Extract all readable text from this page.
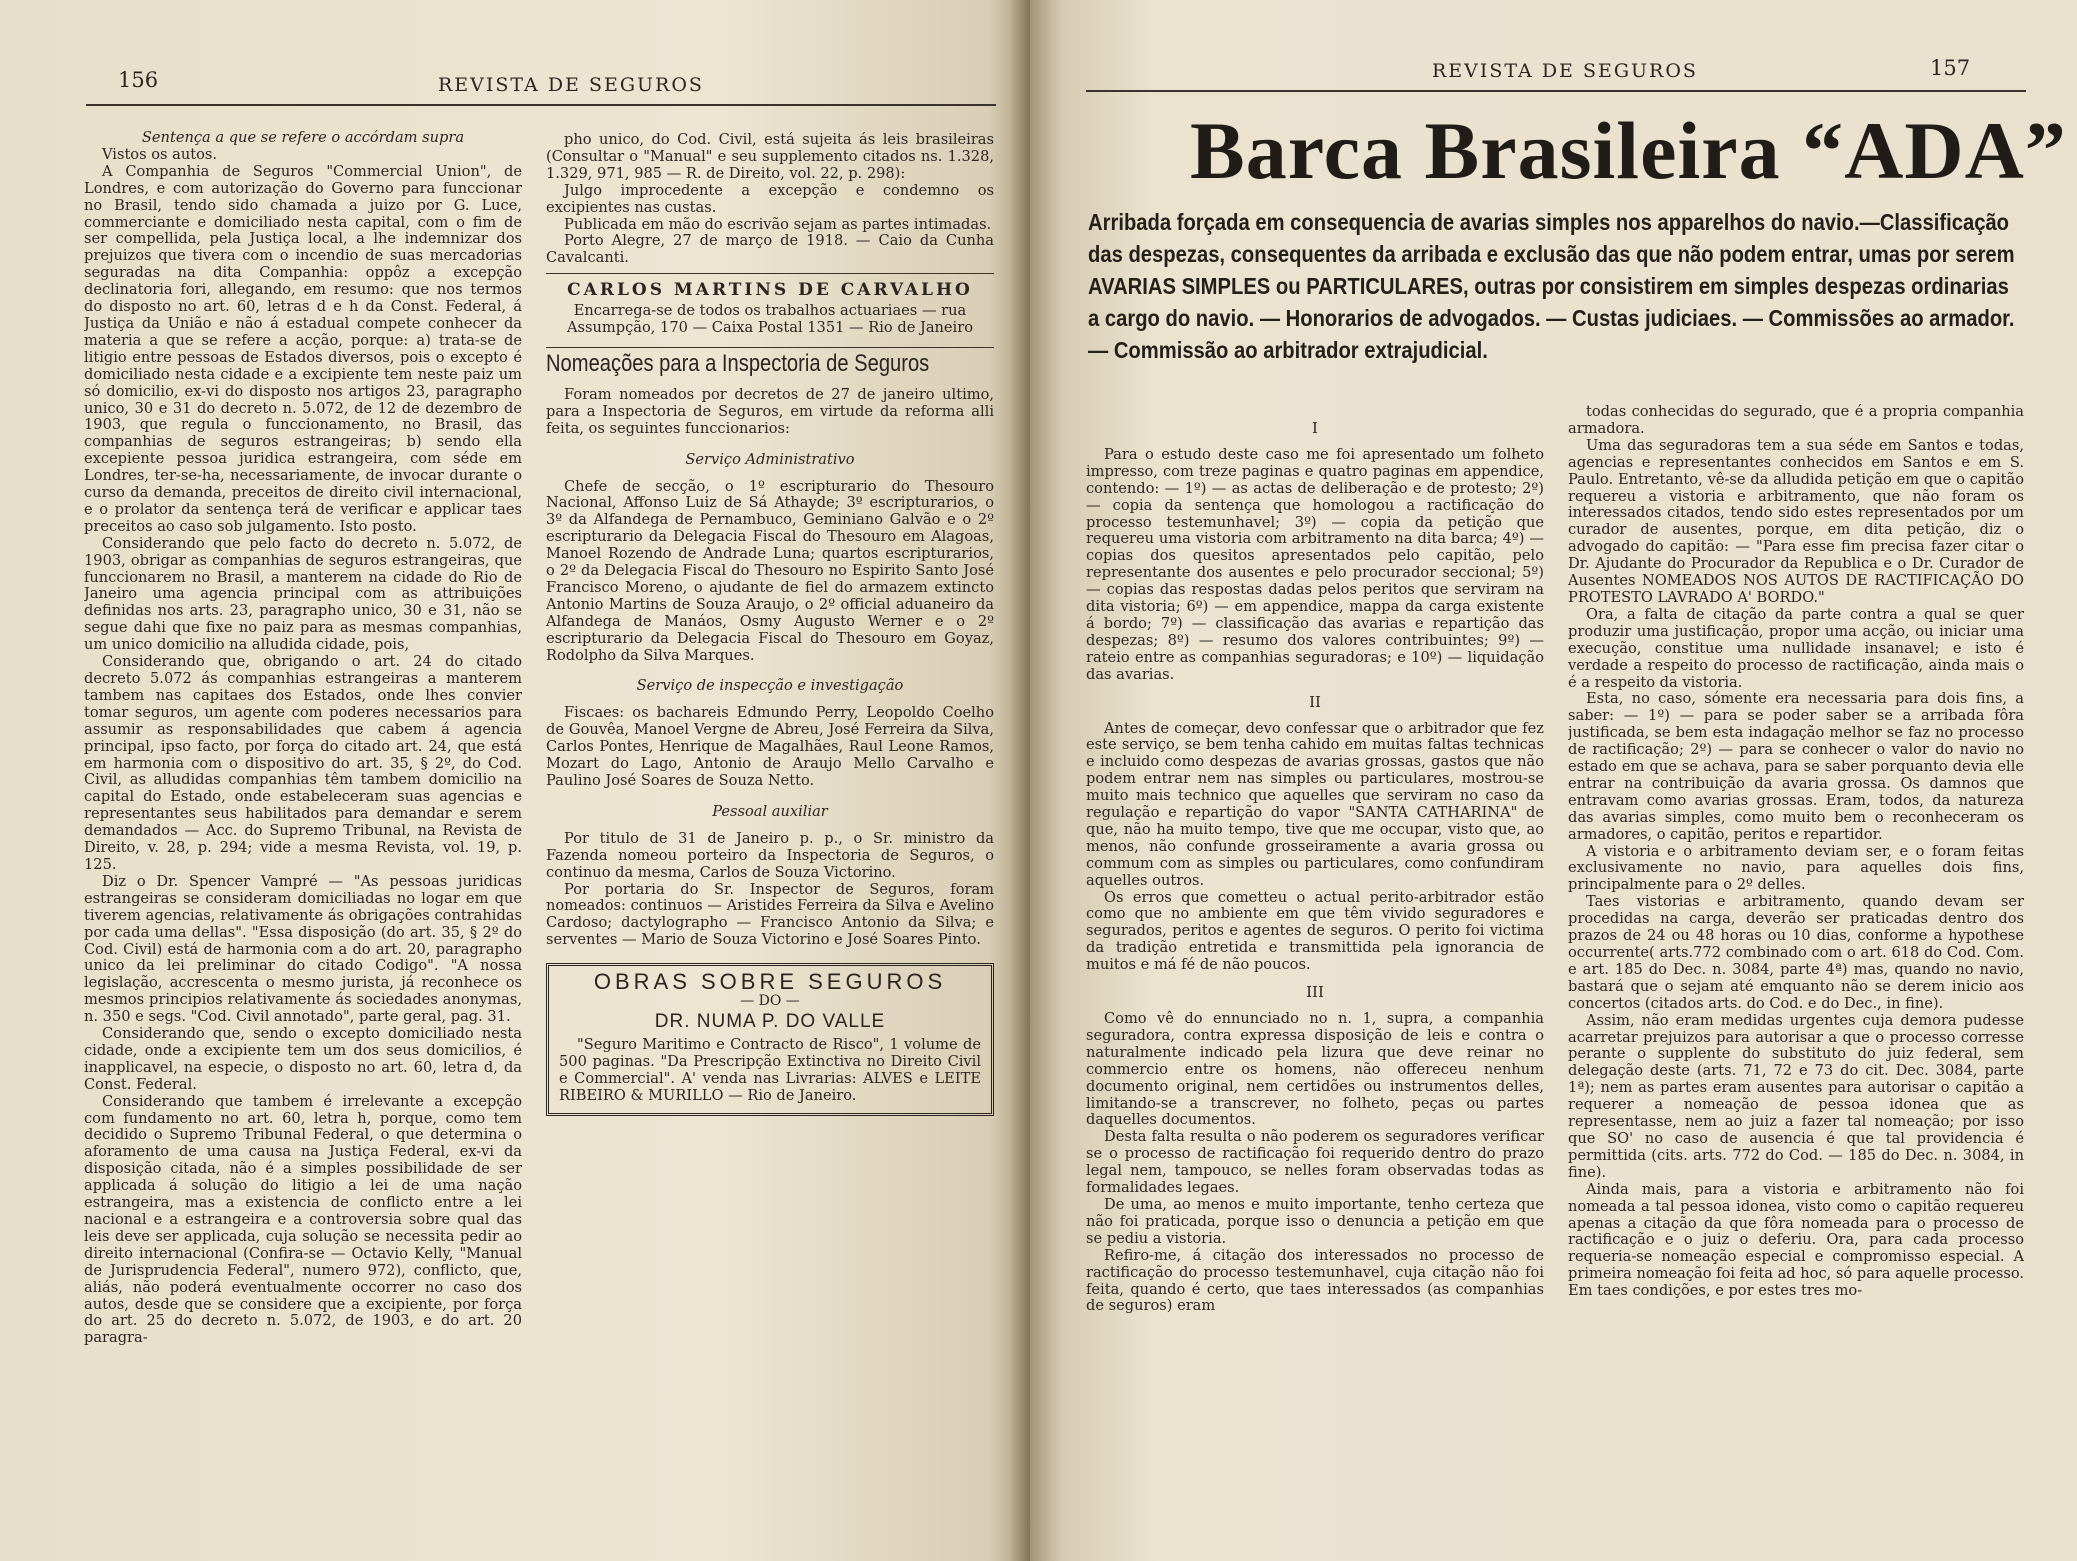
156	REVISTA DE SEGUROS

Sentença a que se refere o accórdam supra

Vistos os autos.

A Companhia de Seguros "Commercial Union", de Londres, e com autorização do Governo para funccionar no Brasil, tendo sido chamada a juizo por G. Luce, commerciante e domiciliado nesta capital, com o fim de ser compellida, pela Justiça local, a lhe indemnizar dos prejuizos que tivera com o incendio de suas mercadorias seguradas na dita Companhia: oppôz a excepção declinatoria fori, allegando, em resumo: que nos termos do disposto no art. 60, letras d e h da Const. Federal, á Justiça da União e não á estadual compete conhecer da materia a que se refere a acção, porque: a) trata-se de litigio entre pessoas de Estados diversos, pois o excepto é domiciliado nesta cidade e a excipiente tem neste paiz um só domicilio, ex-vi do disposto nos artigos 23, paragrapho unico, 30 e 31 do decreto n. 5.072, de 12 de dezembro de 1903, que regula o funccionamento, no Brasil, das companhias de seguros estrangeiras; b) sendo ella excepiente pessoa juridica estrangeira, com séde em Londres, ter-se-ha, necessariamente, de invocar durante o curso da demanda, preceitos de direito civil internacional, e o prolator da sentença terá de verificar e applicar taes preceitos ao caso sob julgamento. Isto posto.

Considerando que pelo facto do decreto n. 5.072, de 1903, obrigar as companhias de seguros estrangeiras, que funccionarem no Brasil, a manterem na cidade do Rio de Janeiro uma agencia principal com as attribuições definidas nos arts. 23, paragrapho unico, 30 e 31, não se segue dahi que fixe no paiz para as mesmas companhias, um unico domicilio na alludida cidade, pois,

Considerando que, obrigando o art. 24 do citado decreto 5.072 ás companhias estrangeiras a manterem tambem nas capitaes dos Estados, onde lhes convier tomar seguros, um agente com poderes necessarios para assumir as responsabilidades que cabem á agencia principal, ipso facto, por força do citado art. 24, que está em harmonia com o dispositivo do art. 35, § 2º, do Cod. Civil, as alludidas companhias têm tambem domicilio na capital do Estado, onde estabeleceram suas agencias e representantes seus habilitados para demandar e serem demandados — Acc. do Supremo Tribunal, na Revista de Direito, v. 28, p. 294; vide a mesma Revista, vol. 19, p. 125.

Diz o Dr. Spencer Vampré — "As pessoas juridicas estrangeiras se consideram domiciliadas no logar em que tiverem agencias, relativamente ás obrigações contrahidas por cada uma dellas". "Essa disposição (do art. 35, § 2º do Cod. Civil) está de harmonia com a do art. 20, paragrapho unico da lei preliminar do citado Codigo". "A nossa legislação, accrescenta o mesmo jurista, já reconhece os mesmos principios relativamente ás sociedades anonymas, n. 350 e segs. "Cod. Civil annotado", parte geral, pag. 31.

Considerando que, sendo o excepto domiciliado nesta cidade, onde a excipiente tem um dos seus domicilios, é inapplicavel, na especie, o disposto no art. 60, letra d, da Const. Federal.

Considerando que tambem é irrelevante a excepção com fundamento no art. 60, letra h, porque, como tem decidido o Supremo Tribunal Federal, o que determina o aforamento de uma causa na Justiça Federal, ex-vi da disposição citada, não é a simples possibilidade de ser applicada á solução do litigio a lei de uma nação estrangeira, mas a existencia de conflicto entre a lei nacional e a estrangeira e a controversia sobre qual das leis deve ser applicada, cuja solução se necessita pedir ao direito internacional (Confira-se — Octavio Kelly, "Manual de Jurisprudencia Federal", numero 972), conflicto, que, aliás, não poderá eventualmente occorrer no caso dos autos, desde que se considere que a excipiente, por força do art. 25 do decreto n. 5.072, de 1903, e do art. 20 paragra-

pho unico, do Cod. Civil, está sujeita ás leis brasileiras (Consultar o "Manual" e seu supplemento citados ns. 1.328, 1.329, 971, 985 — R. de Direito, vol. 22, p. 298):

Julgo improcedente a excepção e condemno os excipientes nas custas.

Publicada em mão do escrivão sejam as partes intimadas.

Porto Alegre, 27 de março de 1918. — Caio da Cunha Cavalcanti.

CARLOS MARTINS DE CARVALHO
Encarrega-se de todos os trabalhos actuariaes — rua Assumpção, 170 — Caixa Postal 1351 — Rio de Janeiro
Nomeações para a Inspectoria de Seguros

Foram nomeados por decretos de 27 de janeiro ultimo, para a Inspectoria de Seguros, em virtude da reforma alli feita, os seguintes funccionarios:

Serviço Administrativo

Chefe de secção, o 1º escripturario do Thesouro Nacional, Affonso Luiz de Sá Athayde; 3º escripturarios, o 3º da Alfandega de Pernambuco, Geminiano Galvão e o 2º escripturario da Delegacia Fiscal do Thesouro em Alagoas, Manoel Rozendo de Andrade Luna; quartos escripturarios, o 2º da Delegacia Fiscal do Thesouro no Espirito Santo José Francisco Moreno, o ajudante de fiel do armazem extincto Antonio Martins de Souza Araujo, o 2º official aduaneiro da Alfandega de Manáos, Osmy Augusto Werner e o 2º escripturario da Delegacia Fiscal do Thesouro em Goyaz, Rodolpho da Silva Marques.

Serviço de inspecção e investigação

Fiscaes: os bachareis Edmundo Perry, Leopoldo Coelho de Gouvêa, Manoel Vergne de Abreu, José Ferreira da Silva, Carlos Pontes, Henrique de Magalhães, Raul Leone Ramos, Mozart do Lago, Antonio de Araujo Mello Carvalho e Paulino José Soares de Souza Netto.

Pessoal auxiliar

Por titulo de 31 de Janeiro p. p., o Sr. ministro da Fazenda nomeou porteiro da Inspectoria de Seguros, o continuo da mesma, Carlos de Souza Victorino.

Por portaria do Sr. Inspector de Seguros, foram nomeados: continuos — Aristides Ferreira da Silva e Avelino Cardoso; dactylographo — Francisco Antonio da Silva; e serventes — Mario de Souza Victorino e José Soares Pinto.

OBRAS SOBRE SEGUROS
— DO —
DR. NUMA P. DO VALLE

"Seguro Maritimo e Contracto de Risco", 1 volume de 500 paginas. "Da Prescripção Extinctiva no Direito Civil e Commercial". A' venda nas Livrarias: ALVES e LEITE RIBEIRO & MURILLO — Rio de Janeiro.

REVISTA DE SEGUROS	157
Barca Brasileira “ADA”
Arribada forçada em consequencia de avarias simples nos apparelhos do navio.—Classificação das despezas, consequentes da arribada e exclusão das que não podem entrar, umas por serem AVARIAS SIMPLES ou PARTICULARES, outras por consistirem em simples despezas ordinarias a cargo do navio. — Honorarios de advogados. — Custas judiciaes. — Commissões ao armador. — Commissão ao arbitrador extrajudicial.
I

Para o estudo deste caso me foi apresentado um folheto impresso, com treze paginas e quatro paginas em appendice, contendo: — 1º) — as actas de deliberação e de protesto; 2º) — copia da sentença que homologou a ractificação do processo testemunhavel; 3º) — copia da petição que requereu uma vistoria com arbitramento na dita barca; 4º) — copias dos quesitos apresentados pelo capitão, pelo representante dos ausentes e pelo procurador seccional; 5º) — copias das respostas dadas pelos peritos que serviram na dita vistoria; 6º) — em appendice, mappa da carga existente á bordo; 7º) — classificação das avarias e repartição das despezas; 8º) — resumo dos valores contribuintes; 9º) — rateio entre as companhias seguradoras; e 10º) — liquidação das avarias.

II

Antes de começar, devo confessar que o arbitrador que fez este serviço, se bem tenha cahido em muitas faltas technicas e incluido como despezas de avarias grossas, gastos que não podem entrar nem nas simples ou particulares, mostrou-se muito mais technico que aquelles que serviram no caso da regulação e repartição do vapor "SANTA CATHARINA" de que, não ha muito tempo, tive que me occupar, visto que, ao menos, não confunde grosseiramente a avaria grossa ou commum com as simples ou particulares, como confundiram aquelles outros.

Os erros que cometteu o actual perito-arbitrador estão como que no ambiente em que têm vivido seguradores e segurados, peritos e agentes de seguros. O perito foi victima da tradição entretida e transmittida pela ignorancia de muitos e má fé de não poucos.

III

Como vê do ennunciado no n. 1, supra, a companhia seguradora, contra expressa disposição de leis e contra o naturalmente indicado pela lizura que deve reinar no commercio entre os homens, não offereceu nenhum documento original, nem certidões ou instrumentos delles, limitando-se a transcrever, no folheto, peças ou partes daquelles documentos.

Desta falta resulta o não poderem os seguradores verificar se o processo de ractificação foi requerido dentro do prazo legal nem, tampouco, se nelles foram observadas todas as formalidades legaes.

De uma, ao menos e muito importante, tenho certeza que não foi praticada, porque isso o denuncia a petição em que se pediu a vistoria.

Refiro-me, á citação dos interessados no processo de ractificação do processo testemunhavel, cuja citação não foi feita, quando é certo, que taes interessados (as companhias de seguros) eram

todas conhecidas do segurado, que é a propria companhia armadora.

Uma das seguradoras tem a sua séde em Santos e todas, agencias e representantes conhecidos em Santos e em S. Paulo. Entretanto, vê-se da alludida petição em que o capitão requereu a vistoria e arbitramento, que não foram os interessados citados, tendo sido estes representados por um curador de ausentes, porque, em dita petição, diz o advogado do capitão: — "Para esse fim precisa fazer citar o Dr. Ajudante do Procurador da Republica e o Dr. Curador de Ausentes NOMEADOS NOS AUTOS DE RACTIFICAÇÃO DO PROTESTO LAVRADO A' BORDO."

Ora, a falta de citação da parte contra a qual se quer produzir uma justificação, propor uma acção, ou iniciar uma execução, constitue uma nullidade insanavel; e isto é verdade a respeito do processo de ractificação, ainda mais o é a respeito da vistoria.

Esta, no caso, sómente era necessaria para dois fins, a saber: — 1º) — para se poder saber se a arribada fôra justificada, se bem esta indagação melhor se faz no processo de ractificação; 2º) — para se conhecer o valor do navio no estado em que se achava, para se saber porquanto devia elle entrar na contribuição da avaria grossa. Os damnos que entravam como avarias grossas. Eram, todos, da natureza das avarias simples, como muito bem o reconheceram os armadores, o capitão, peritos e repartidor.

A vistoria e o arbitramento deviam ser, e o foram feitas exclusivamente no navio, para aquelles dois fins, principalmente para o 2º delles.

Taes vistorias e arbitramento, quando devam ser procedidas na carga, deverão ser praticadas dentro dos prazos de 24 ou 48 horas ou 10 dias, conforme a hypothese occurrente( arts.772 combinado com o art. 618 do Cod. Com. e art. 185 do Dec. n. 3084, parte 4ª) mas, quando no navio, bastará que o sejam até emquanto não se derem inicio aos concertos (citados arts. do Cod. e do Dec., in fine).

Assim, não eram medidas urgentes cuja demora pudesse acarretar prejuizos para autorisar a que o processo corresse perante o supplente do substituto do juiz federal, sem delegação deste (arts. 71, 72 e 73 do cit. Dec. 3084, parte 1ª); nem as partes eram ausentes para autorisar o capitão a requerer a nomeação de pessoa idonea que as representasse, nem ao juiz a fazer tal nomeação; por isso que SO' no caso de ausencia é que tal providencia é permittida (cits. arts. 772 do Cod. — 185 do Dec. n. 3084, in fine).

Ainda mais, para a vistoria e arbitramento não foi nomeada a tal pessoa idonea, visto como o capitão requereu apenas a citação da que fôra nomeada para o processo de ractificação e o juiz o deferiu. Ora, para cada processo requeria-se nomeação especial e compromisso especial. A primeira nomeação foi feita ad hoc, só para aquelle processo. Em taes condições, e por estes tres mo-
